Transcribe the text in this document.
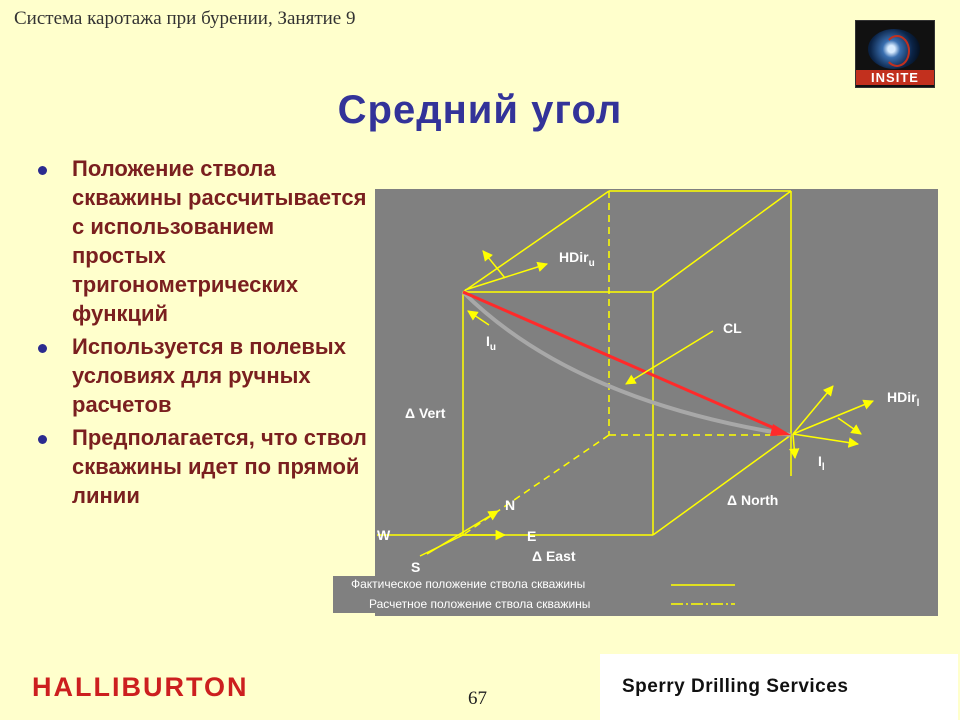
Система каротажа при бурении, Занятие 9
INSITE
Средний угол
Положение ствола скважины рассчитывается с использованием простых тригонометрических функций
Используется в полевых условиях для ручных расчетов
Предполагается, что ствол скважины идет по прямой линии
HDir$_u$
$I_u$
CL
HDir$_l$
$I_l$
Δ Vert
Δ North
Δ East
N
E
W
S
Фактическое положение ствола скважины
Расчетное положение ствола скважины
HALLIBURTON	67
Sperry Drilling Services
